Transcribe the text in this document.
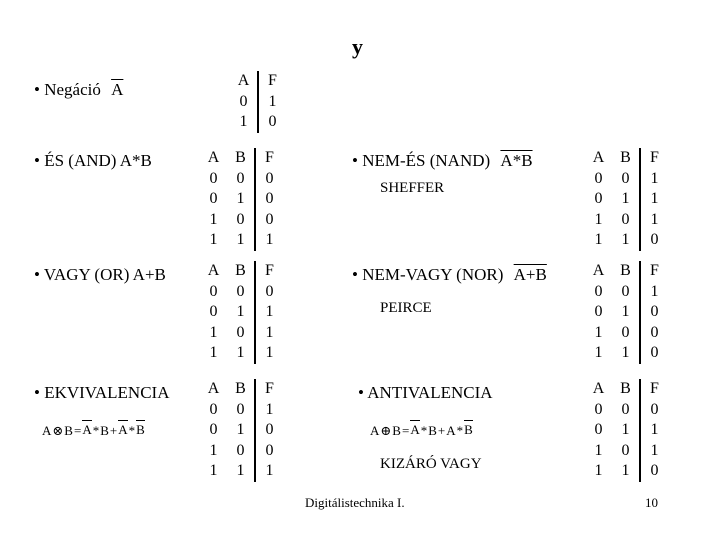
y
• Negáció $\overline{A}$	A	F
0	1
1	0
• ÉS (AND) A*B	A	B	F
0	0	0
0	1	0
1	0	0
1	1	1
• VAGY (OR) A+B	A	B	F
0	0	0
0	1	1
1	0	1
1	1	1
• EKVIVALENCIA
A ⊗ B = A * B + A * B
A	B	F
0	0	1
0	1	0
1	0	0
1	1	1
• NEM-ÉS (NAND) A*B
SHEFFER
A	B	F
0	0	1
0	1	1
1	0	1
1	1	0
• NEM-VAGY (NOR) A+B
PEIRCE
A	B	F
0	0	1
0	1	0
1	0	0
1	1	0
• ANTIVALENCIA
A ⊕ B = A * B + A * B
KIZÁRÓ VAGY
A	B	F
0	0	0
0	1	1
1	0	1
1	1	0
Digitálistechnika I.	10
